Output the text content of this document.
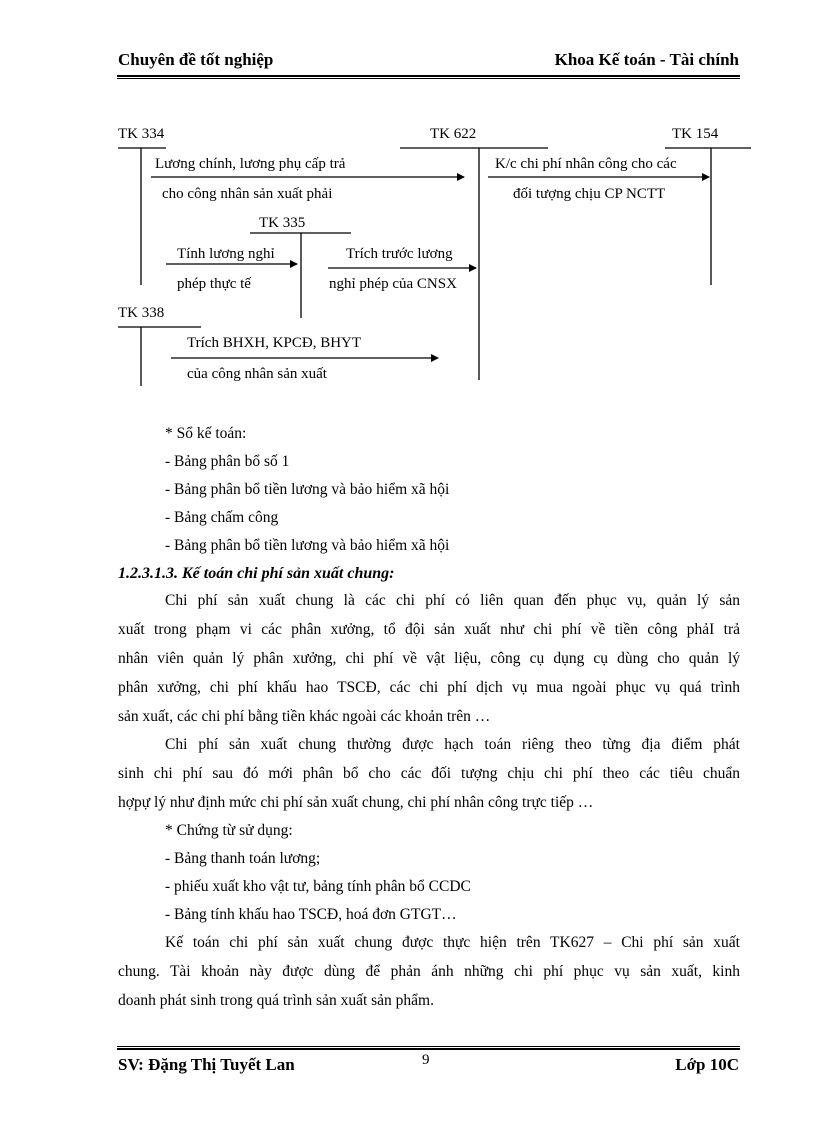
Chuyên đề tốt nghiệp	Khoa Kế toán - Tài chính
TK 334	TK 622	TK 154
TK 335
TK 338
Lương chính, lương phụ cấp trả
cho công nhân sản xuất phải
K/c chi phí nhân công cho các
đối tượng chịu CP NCTT
Tính lương nghỉ
phép thực tế
Trích trước lương
nghỉ phép của CNSX
Trích BHXH, KPCĐ, BHYT
của công nhân sản xuất
* Sổ kế toán:
- Bảng phân bổ số 1
- Bảng phân bổ tiền lương và bảo hiểm xã hội
- Bảng chấm công
- Bảng phân bổ tiền lương và bảo hiểm xã hội
1.2.3.1.3. Kế toán chi phí sản xuất chung:
Chi phí sản xuất chung là các chi phí có liên quan đến phục vụ, quản lý sản
xuất trong phạm vi các phân xưởng, tổ đội sản xuất như chi phí về tiền công phảI trả
nhân viên quản lý phân xưởng, chi phí về vật liệu, công cụ dụng cụ dùng cho quản lý
phân xưởng, chi phí khấu hao TSCĐ, các chi phí dịch vụ mua ngoài phục vụ quá trình
sản xuất, các chi phí bằng tiền khác ngoài các khoản trên …
Chi phí sản xuất chung thường được hạch toán riêng theo từng địa điểm phát
sinh chi phí sau đó mới phân bổ cho các đối tượng chịu chi phí theo các tiêu chuẩn
hợpự lý như định mức chi phí sản xuất chung, chi phí nhân công trực tiếp …
* Chứng từ sử dụng:
- Bảng thanh toán lương;
- phiếu xuất kho vật tư, bảng tính phân bổ CCDC
- Bảng tính khấu hao TSCĐ, hoá đơn GTGT…
Kế toán chi phí sản xuất chung được thực hiện trên TK627 – Chi phí sản xuất
chung. Tài khoản này được dùng để phản ánh những chi phí phục vụ sản xuất, kinh
doanh phát sinh trong quá trình sản xuất sản phẩm.
9
SV: Đặng Thị Tuyết Lan	Lớp 10C
